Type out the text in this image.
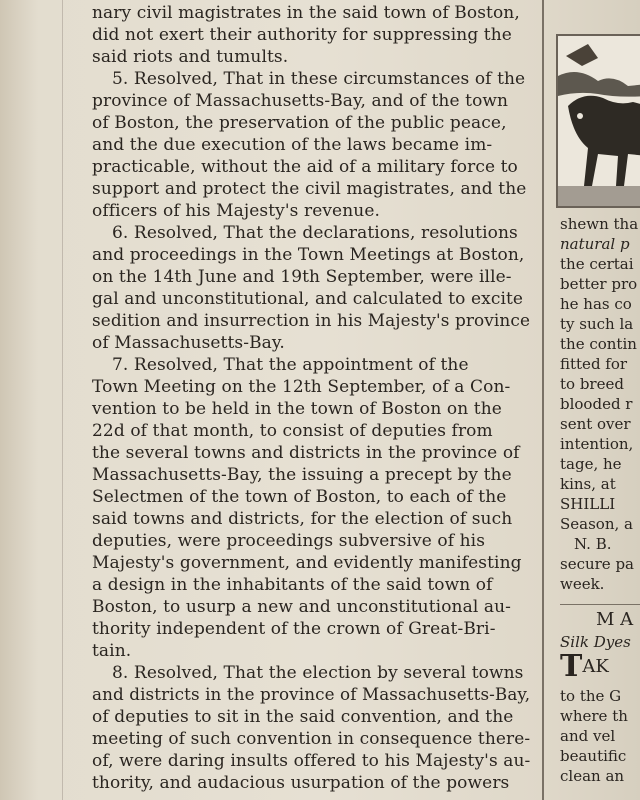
nary civil magistrates in the said town of Boston,
did not exert their authority for suppressing the
said riots and tumults.
5. Resolved, That in these circumstances of the
province of Massachusetts-Bay, and of the town
of Boston, the preservation of the public peace,
and the due execution of the laws became im-
practicable, without the aid of a military force to
support and protect the civil magistrates, and the
officers of his Majesty's revenue.
6. Resolved, That the declarations, resolutions
and proceedings in the Town Meetings at Boston,
on the 14th June and 19th September, were ille-
gal and unconstitutional, and calculated to excite
sedition and insurrection in his Majesty's province
of Massachusetts-Bay.
7. Resolved, That the appointment of the
Town Meeting on the 12th September, of a Con-
vention to be held in the town of Boston on the
22d of that month, to consist of deputies from
the several towns and districts in the province of
Massachusetts-Bay, the issuing a precept by the
Selectmen of the town of Boston, to each of the
said towns and districts, for the election of such
deputies, were proceedings subversive of his
Majesty's government, and evidently manifesting
a design in the inhabitants of the said town of
Boston, to usurp a new and unconstitutional au-
thority independent of the crown of Great-Bri-
tain.
8. Resolved, That the election by several towns
and districts in the province of Massachusetts-Bay,
of deputies to sit in the said convention, and the
meeting of such convention in consequence there-
of, were daring insults offered to his Majesty's au-
thority, and audacious usurpation of the powers
shewn tha
natural p
the certai
better pro
he has co
ty such la
the contin
fitted for
to breed
blooded r
sent over
intention,
tage, he
kins, at
SHILLI
Season, a
N. B.
secure pa
week.
M A
Silk Dyes
$T^{AK}$
to the G
where th
and vel
beautific
clean an
